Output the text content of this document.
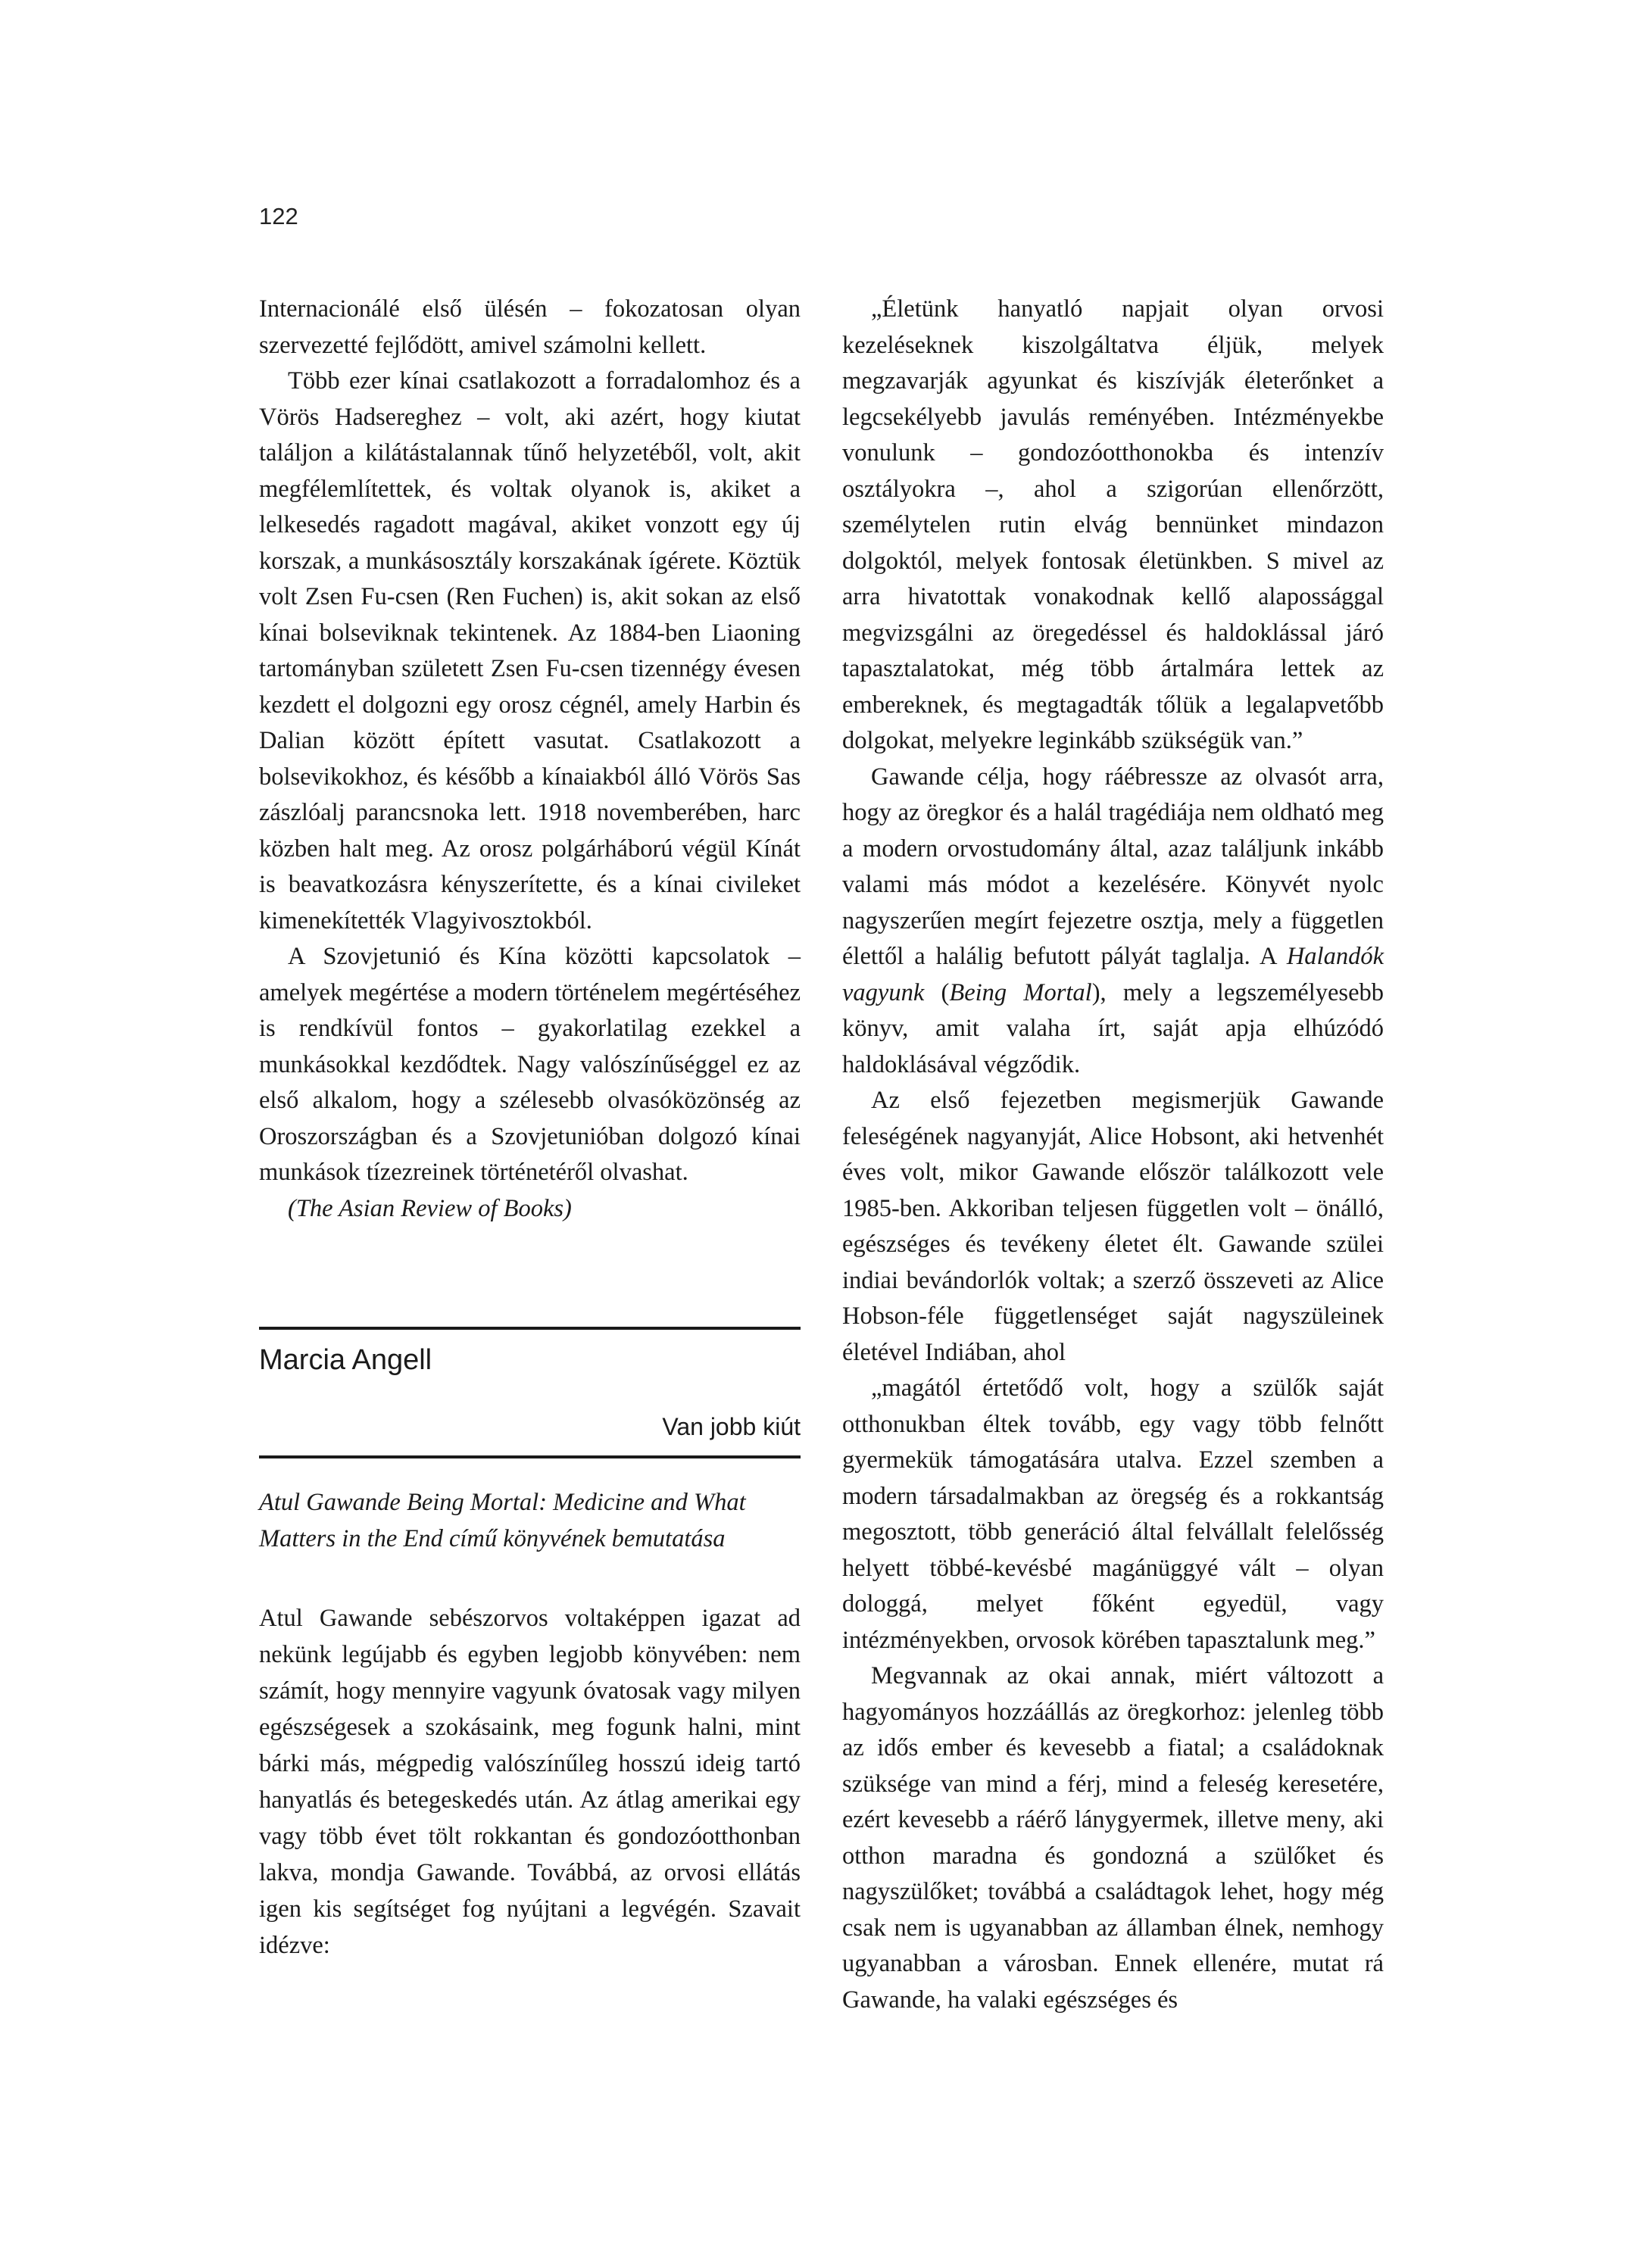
122

Internacionálé első ülésén – fokozatosan olyan szervezetté fejlődött, amivel számolni kellett.

Több ezer kínai csatlakozott a forradalomhoz és a Vörös Hadsereghez – volt, aki azért, hogy kiutat találjon a kilátástalannak tűnő helyzetéből, volt, akit megfélemlítettek, és voltak olyanok is, akiket a lelkesedés ragadott magával, akiket vonzott egy új korszak, a munkásosztály korszakának ígérete. Köztük volt Zsen Fu-csen (Ren Fuchen) is, akit sokan az első kínai bolseviknak tekintenek. Az 1884-ben Liaoning tartományban született Zsen Fu-csen tizennégy évesen kezdett el dolgozni egy orosz cégnél, amely Harbin és Dalian között épített vasutat. Csatlakozott a bolsevikokhoz, és később a kínaiakból álló Vörös Sas zászlóalj parancsnoka lett. 1918 novemberében, harc közben halt meg. Az orosz polgárháború végül Kínát is beavatkozásra kényszerítette, és a kínai civileket kimenekítették Vlagyivosztokból.

A Szovjetunió és Kína közötti kapcsolatok – amelyek megértése a modern történelem megértéséhez is rendkívül fontos – gyakorlatilag ezekkel a munkásokkal kezdődtek. Nagy valószínűséggel ez az első alkalom, hogy a szélesebb olvasóközönség az Oroszországban és a Szovjetunióban dolgozó kínai munkások tízezreinek történetéről olvashat.

(The Asian Review of Books)

Marcia Angell
Van jobb kiút
Atul Gawande Being Mortal: Medicine and What Matters in the End című könyvének bemutatása

Atul Gawande sebészorvos voltaképpen igazat ad nekünk legújabb és egyben legjobb könyvében: nem számít, hogy mennyire vagyunk óvatosak vagy milyen egészségesek a szokásaink, meg fogunk halni, mint bárki más, mégpedig valószínűleg hosszú ideig tartó hanyatlás és betegeskedés után. Az átlag amerikai egy vagy több évet tölt rokkantan és gondozóotthonban lakva, mondja Gawande. Továbbá, az orvosi ellátás igen kis segítséget fog nyújtani a legvégén. Szavait idézve:

„Életünk hanyatló napjait olyan orvosi kezeléseknek kiszolgáltatva éljük, melyek megzavarják agyunkat és kiszívják életerőnket a legcsekélyebb javulás reményében. Intézményekbe vonulunk – gondozóotthonokba és intenzív osztályokra –, ahol a szigorúan ellenőrzött, személytelen rutin elvág bennünket mindazon dolgoktól, melyek fontosak életünkben. S mivel az arra hivatottak vonakodnak kellő alapossággal megvizsgálni az öregedéssel és haldoklással járó tapasztalatokat, még több ártalmára lettek az embereknek, és megtagadták tőlük a legalapvetőbb dolgokat, melyekre leginkább szükségük van.”

Gawande célja, hogy ráébressze az olvasót arra, hogy az öregkor és a halál tragédiája nem oldható meg a modern orvostudomány által, azaz találjunk inkább valami más módot a kezelésére. Könyvét nyolc nagyszerűen megírt fejezetre osztja, mely a független élettől a halálig befutott pályát taglalja. A Halandók vagyunk (Being Mortal), mely a legszemélyesebb könyv, amit valaha írt, saját apja elhúzódó haldoklásával végződik.

Az első fejezetben megismerjük Gawande feleségének nagyanyját, Alice Hobsont, aki hetvenhét éves volt, mikor Gawande először találkozott vele 1985-ben. Akkoriban teljesen független volt – önálló, egészséges és tevékeny életet élt. Gawande szülei indiai bevándorlók voltak; a szerző összeveti az Alice Hobson-féle függetlenséget saját nagyszüleinek életével Indiában, ahol

„magától értetődő volt, hogy a szülők saját otthonukban éltek tovább, egy vagy több felnőtt gyermekük támogatására utalva. Ezzel szemben a modern társadalmakban az öregség és a rokkantság megosztott, több generáció által felvállalt felelősség helyett többé-kevésbé magánüggyé vált – olyan dologgá, melyet főként egyedül, vagy intézményekben, orvosok körében tapasztalunk meg.”

Megvannak az okai annak, miért változott a hagyományos hozzáállás az öregkorhoz: jelenleg több az idős ember és kevesebb a fiatal; a családoknak szüksége van mind a férj, mind a feleség keresetére, ezért kevesebb a ráérő lánygyermek, illetve meny, aki otthon maradna és gondozná a szülőket és nagyszülőket; továbbá a családtagok lehet, hogy még csak nem is ugyanabban az államban élnek, nemhogy ugyanabban a városban. Ennek ellenére, mutat rá Gawande, ha valaki egészséges és
